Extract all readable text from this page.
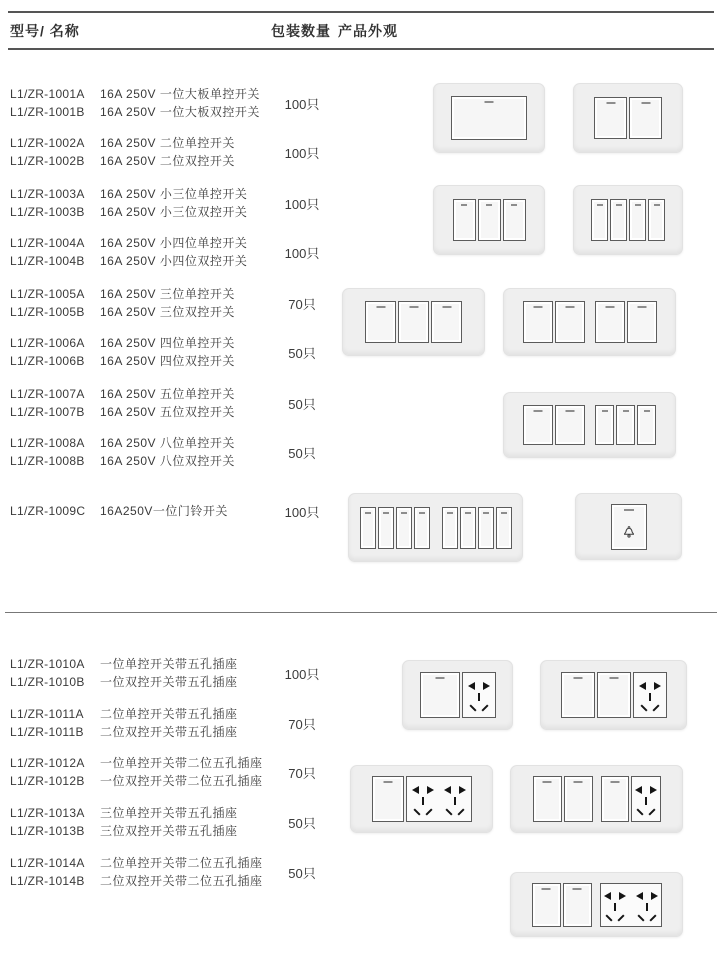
型号/ 名称	包装数量 产品外观
L1/ZR-1001A 16A 250V 一位大板单控开关
L1/ZR-1001B 16A 250V 一位大板双控开关	100只
L1/ZR-1002A 16A 250V 二位单控开关
L1/ZR-1002B 16A 250V 二位双控开关	100只
L1/ZR-1003A 16A 250V 小三位单控开关
L1/ZR-1003B 16A 250V 小三位双控开关	100只
L1/ZR-1004A 16A 250V 小四位单控开关
L1/ZR-1004B 16A 250V 小四位双控开关	100只
L1/ZR-1005A 16A 250V 三位单控开关
L1/ZR-1005B 16A 250V 三位双控开关	70只
L1/ZR-1006A 16A 250V 四位单控开关
L1/ZR-1006B 16A 250V 四位双控开关	50只
L1/ZR-1007A 16A 250V 五位单控开关
L1/ZR-1007B 16A 250V 五位双控开关	50只
L1/ZR-1008A 16A 250V 八位单控开关
L1/ZR-1008B 16A 250V 八位双控开关	50只
L1/ZR-1009C 16A250V一位门铃开关	100只
L1/ZR-1010A 一位单控开关带五孔插座
L1/ZR-1010B 一位双控开关带五孔插座	100只
L1/ZR-1011A 二位单控开关带五孔插座
L1/ZR-1011B 二位双控开关带五孔插座	70只
L1/ZR-1012A 一位单控开关带二位五孔插座
L1/ZR-1012B 一位双控开关带二位五孔插座	70只
L1/ZR-1013A 三位单控开关带五孔插座
L1/ZR-1013B 三位双控开关带五孔插座	50只
L1/ZR-1014A 二位单控开关带二位五孔插座
L1/ZR-1014B 二位双控开关带二位五孔插座	50只
